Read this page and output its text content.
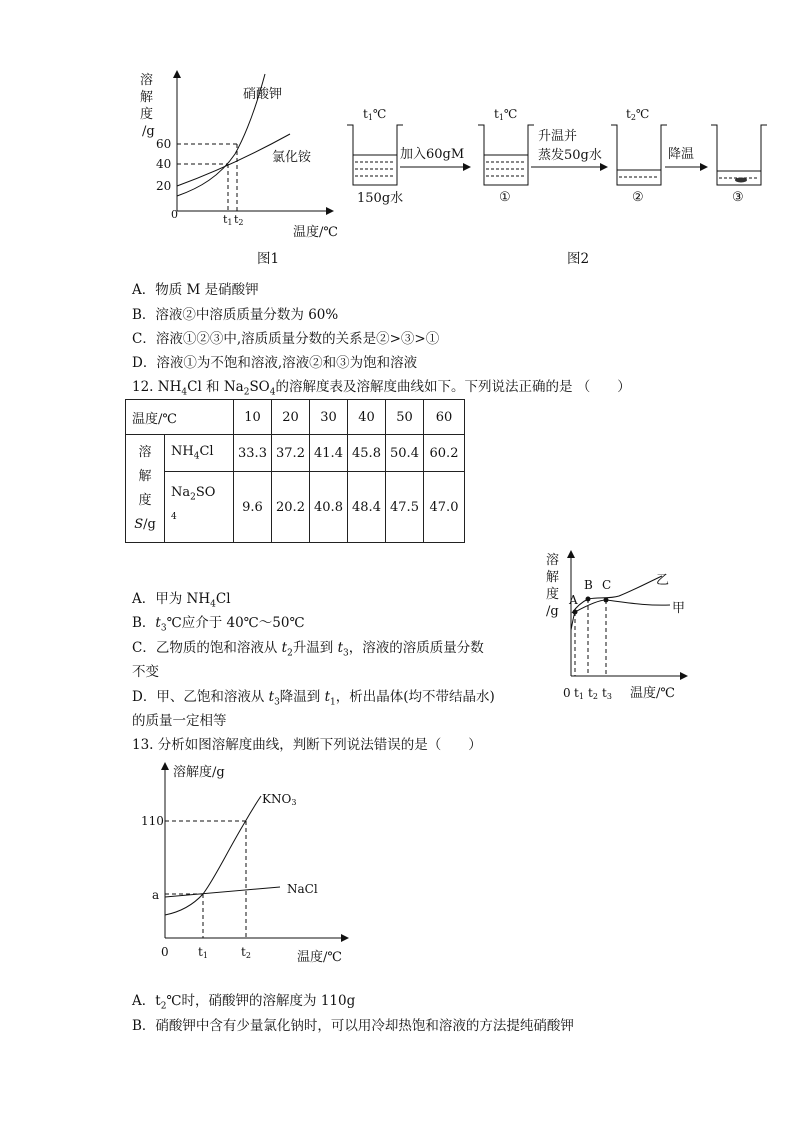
溶
解
度
/g
60
40
20
0	t1 t2
硝酸钾
氯化铵
温度/℃
图1
t1℃	t1℃	t2℃
加入60gM
升温并
蒸发50g水	降温
150g水	①	②	③
图2
A．物质 M 是硝酸钾
B．溶液②中溶质质量分数为 60%
C．溶液①②③中,溶质质量分数的关系是②>③>①
D．溶液①为不饱和溶液,溶液②和③为饱和溶液
12. $NH_4Cl$ 和 $Na_2SO_4$的溶解度表及溶解度曲线如下。下列说法正确的是 （　　）
温度/℃		10	20	30	40	50	60

溶
解
度
S/g	$NH_4Cl$	33.3	37.2	41.4	45.8	50.4	60.2
	$Na_2SO$
$^4$	9.6	20.2	40.8	48.4	47.5	47.0
溶
解
度
/g
A
B C	乙
甲
0 t1 t2 t3 温度/℃
A．甲为 $NH_4Cl$
B．$t_3℃$应介于 40℃～50℃
C．乙物质的饱和溶液从 $t_2$升温到 $t_3$，溶液的溶质质量分数
不变
D．甲、乙饱和溶液从 $t_3$降温到 $t_1$，析出晶体(均不带结晶水)
的质量一定相等
13. 分析如图溶解度曲线，判断下列说法错误的是（　　）
溶解度/g
110
a
0 t1	t2
KNO3
NaCl
温度/℃
A．$t_2℃$时，硝酸钾的溶解度为 110g
B．硝酸钾中含有少量氯化钠时，可以用冷却热饱和溶液的方法提纯硝酸钾
